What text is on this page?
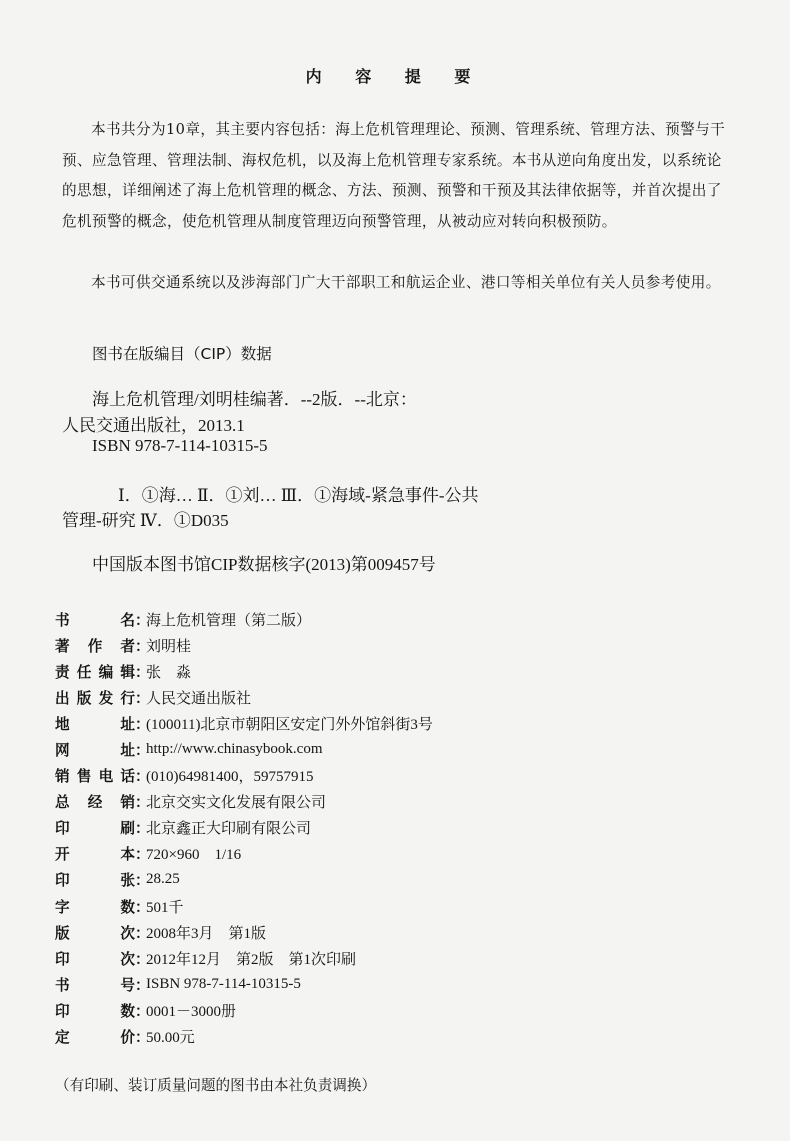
内 容 提 要
本书共分为10章，其主要内容包括：海上危机管理理论、预测、管理系统、管理方法、预警与干预、应急管理、管理法制、海权危机，以及海上危机管理专家系统。本书从逆向角度出发，以系统论的思想，详细阐述了海上危机管理的概念、方法、预测、预警和干预及其法律依据等，并首次提出了危机预警的概念，使危机管理从制度管理迈向预警管理，从被动应对转向积极预防。
本书可供交通系统以及涉海部门广大干部职工和航运企业、港口等相关单位有关人员参考使用。
图书在版编目（CIP）数据
海上危机管理/刘明桂编著．--2版．--北京：
人民交通出版社，2013.1
ISBN 978-7-114-10315-5
Ⅰ．①海… Ⅱ．①刘… Ⅲ．①海域-紧急事件-公共
管理-研究 Ⅳ．①D035
中国版本图书馆CIP数据核字(2013)第009457号
书名 ：
海上危机管理（第二版）
著作者 ：
刘明桂
责任编辑 ：
张　淼
出版发行 ：
人民交通出版社
地址 ：
(100011)北京市朝阳区安定门外外馆斜街3号
网址 ：
http://www.chinasybook.com
销售电话 ：
(010)64981400，59757915
总经销 ：
北京交实文化发展有限公司
印刷 ：
北京鑫正大印刷有限公司
开本 ：
720×960　1/16
印张 ：
28.25
字数 ：
501千
版次 ：
2008年3月　第1版
印次 ：
2012年12月　第2版　第1次印刷
书号 ：
ISBN 978-7-114-10315-5
印数 ：
0001－3000册
定价 ：
50.00元
（有印刷、装订质量问题的图书由本社负责调换）
